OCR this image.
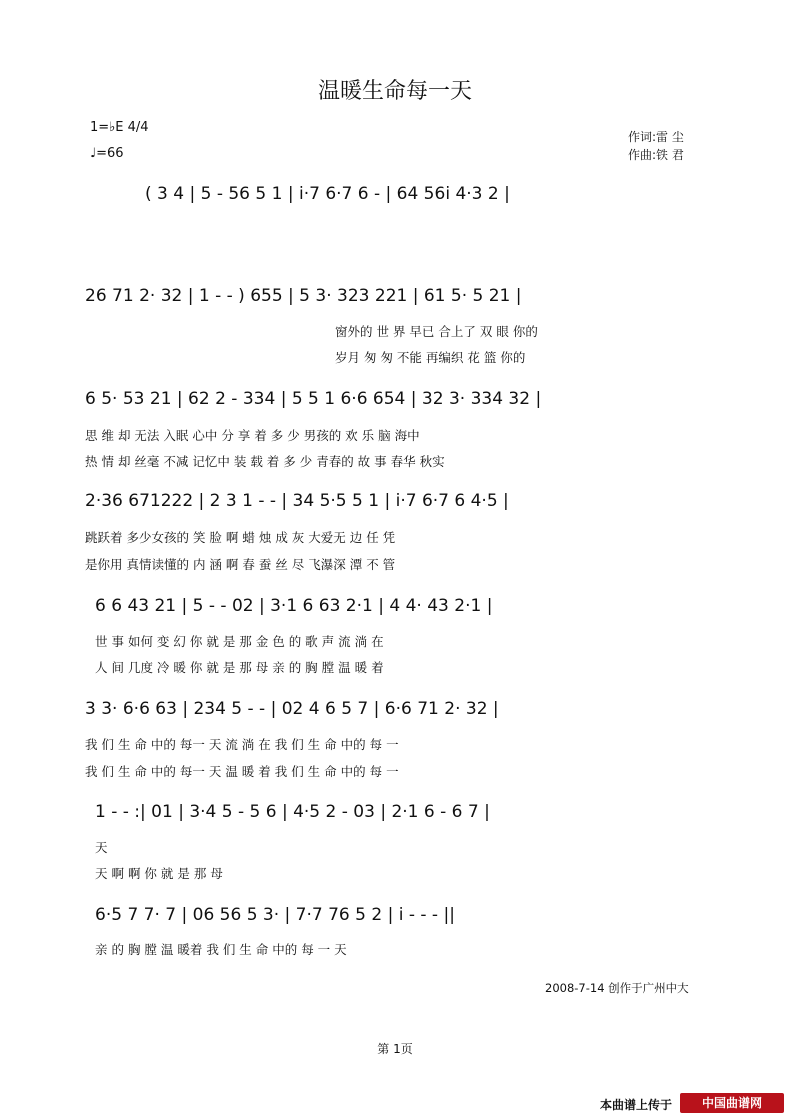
温暖生命每一天
1=♭E 4/4
♩=66
作词:雷 尘
作曲:铁 君
( 3 4 | 5 - 56 5 1 | i·7 6·7 6 - | 64 56i 4·3 2 |
26 71 2· 32 | 1 - - ) 655 | 5 3· 323 221 | 61 5· 5 21 |
窗外的 世 界 早已 合上了 双 眼 你的
岁月 匆 匆 不能 再编织 花 篮 你的
6 5· 53 21 | 62 2 - 334 | 5 5 1 6·6 654 | 32 3· 334 32 |
思 维 却 无法 入眠 心中 分 享 着 多 少 男孩的 欢 乐 脑 海中
热 情 却 丝毫 不减 记忆中 装 载 着 多 少 青春的 故 事 春华 秋实
2·36 671222 | 2 3 1 - - | 34 5·5 5 1 | i·7 6·7 6 4·5 |
跳跃着 多少女孩的 笑 脸 啊 蜡 烛 成 灰 大爱无 边 任 凭
是你用 真情读懂的 内 涵 啊 春 蚕 丝 尽 飞瀑深 潭 不 管
6 6 43 21 | 5 - - 02 | 3·1 6 63 2·1 | 4 4· 43 2·1 |
世 事 如何 变 幻 你 就 是 那 金 色 的 歌 声 流 淌 在
人 间 几度 冷 暖 你 就 是 那 母 亲 的 胸 膛 温 暖 着
3 3· 6·6 63 | 234 5 - - | 02 4 6 5 7 | 6·6 71 2· 32 |
我 们 生 命 中的 每一 天 流 淌 在 我 们 生 命 中的 每 一
我 们 生 命 中的 每一 天 温 暖 着 我 们 生 命 中的 每 一
1 - - :| 01 | 3·4 5 - 5 6 | 4·5 2 - 03 | 2·1 6 - 6 7 |
天
天 啊 啊 你 就 是 那 母
6·5 7 7· 7 | 06 56 5 3· | 7·7 76 5 2 | i - - - ||
亲 的 胸 膛 温 暖着 我 们 生 命 中的 每 一 天
2008-7-14 创作于广州中大
第 1页
本曲谱上传于	中国曲谱网
